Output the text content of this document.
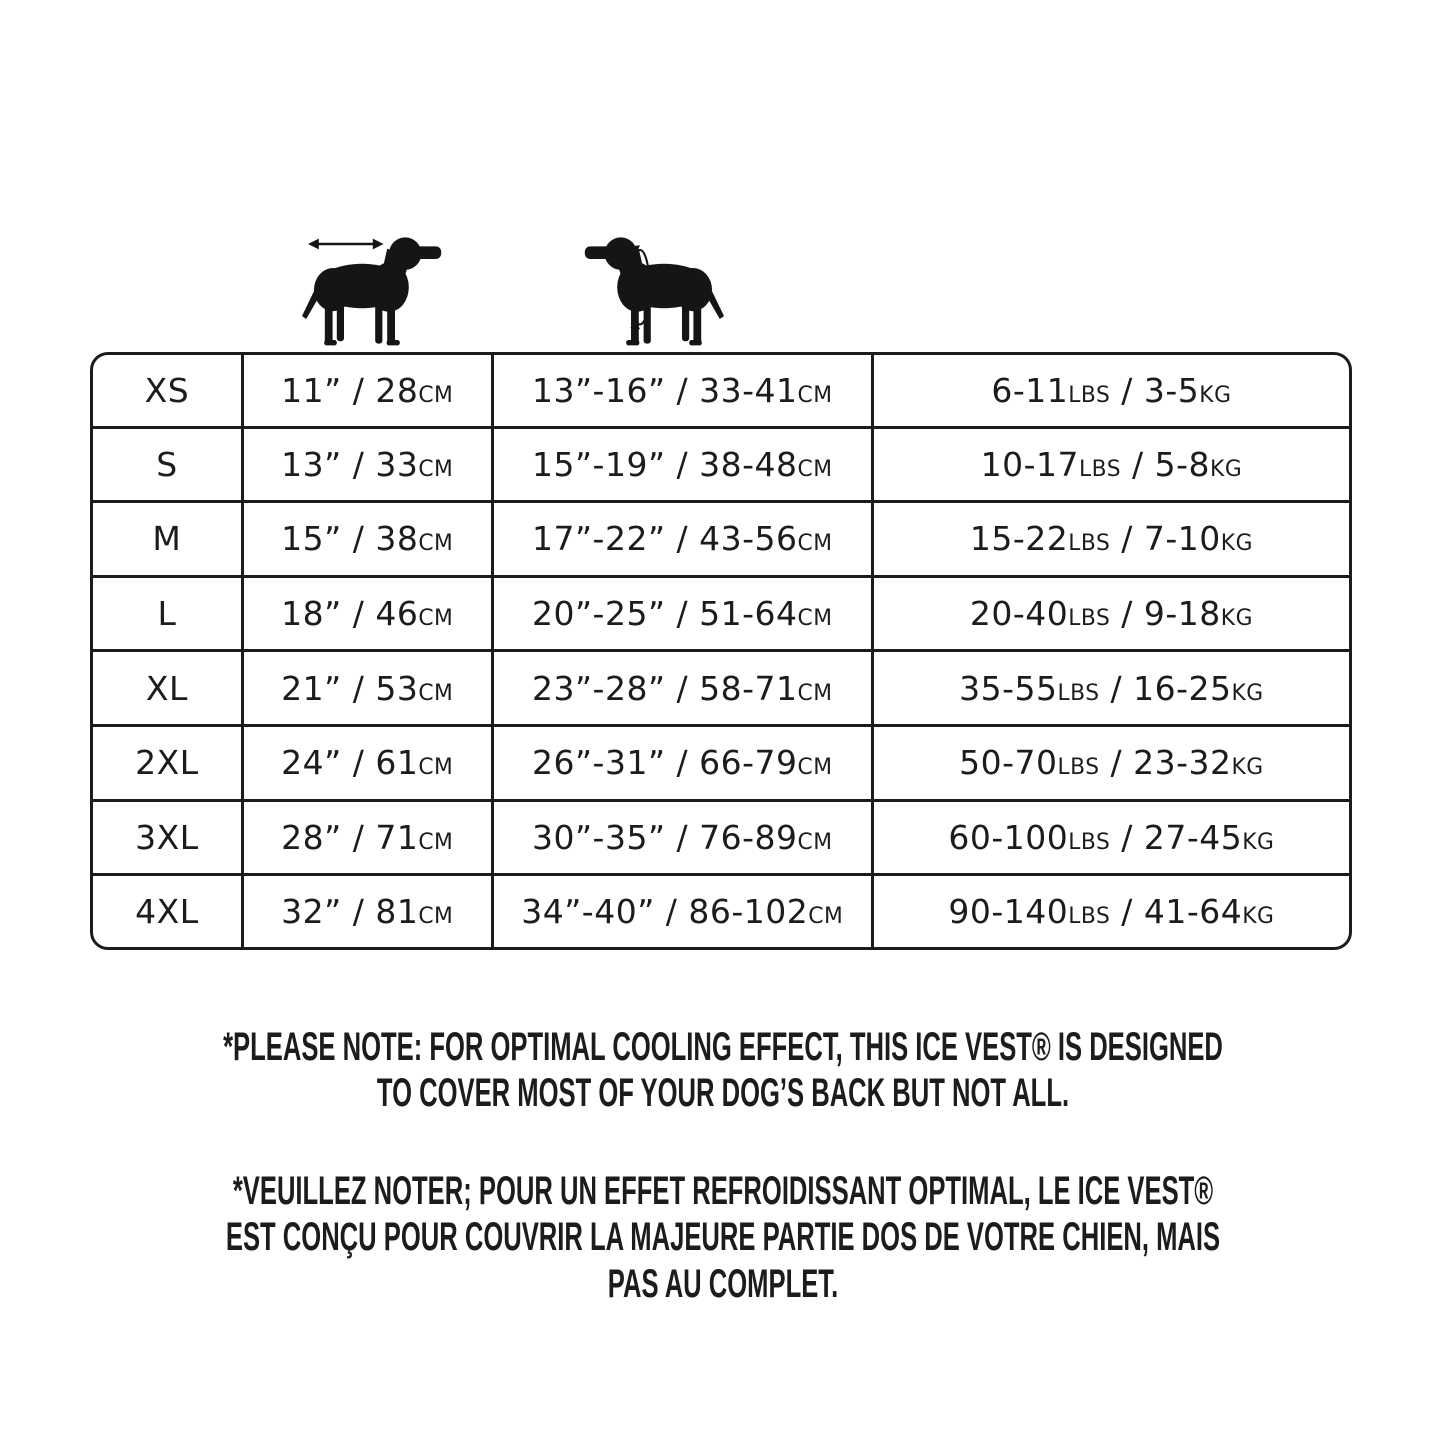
XS	11” / 28CM	13”-16” / 33-41CM	6-11LBS / 3-5KG
S	13” / 33CM	15”-19” / 38-48CM	10-17LBS / 5-8KG
M	15” / 38CM	17”-22” / 43-56CM	15-22LBS / 7-10KG
L	18” / 46CM	20”-25” / 51-64CM	20-40LBS / 9-18KG
XL	21” / 53CM	23”-28” / 58-71CM	35-55LBS / 16-25KG
2XL	24” / 61CM	26”-31” / 66-79CM	50-70LBS / 23-32KG
3XL	28” / 71CM	30”-35” / 76-89CM	60-100LBS / 27-45KG
4XL	32” / 81CM	34”-40” / 86-102CM	90-140LBS / 41-64KG
*PLEASE NOTE: FOR OPTIMAL COOLING EFFECT, THIS ICE VEST® IS DESIGNED TO COVER MOST OF YOUR DOG’S BACK BUT NOT ALL.
*VEUILLEZ NOTER; POUR UN EFFET REFROIDISSANT OPTIMAL, LE ICE VEST® EST CONÇU POUR COUVRIR LA MAJEURE PARTIE DOS DE VOTRE CHIEN, MAIS PAS AU COMPLET.
